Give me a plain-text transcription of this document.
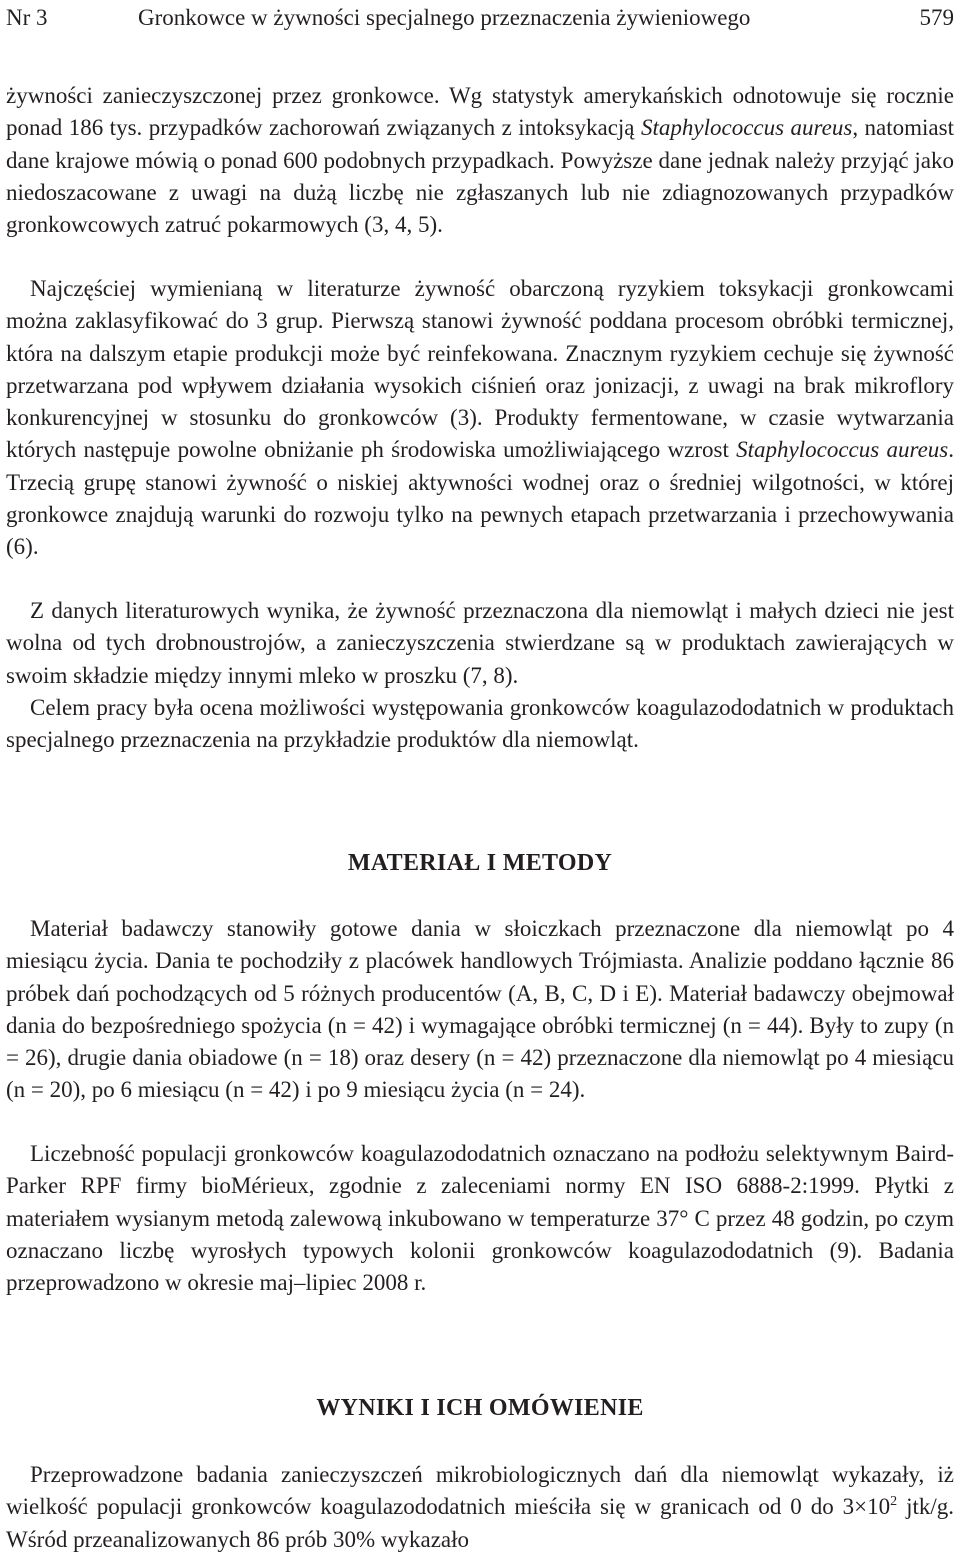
Nr 3	Gronkowce w żywności specjalnego przeznaczenia żywieniowego	579

żywności zanieczyszczonej przez gronkowce. Wg statystyk amerykańskich odnotowuje się rocznie ponad 186 tys. przypadków zachorowań związanych z intoksykacją Staphylococcus aureus, natomiast dane krajowe mówią o ponad 600 podobnych przypadkach. Powyższe dane jednak należy przyjąć jako niedoszacowane z uwagi na dużą liczbę nie zgłaszanych lub nie zdiagnozowanych przypadków gronkowcowych zatruć pokarmowych (3, 4, 5).

Najczęściej wymienianą w literaturze żywność obarczoną ryzykiem toksykacji gronkowcami można zaklasyfikować do 3 grup. Pierwszą stanowi żywność poddana procesom obróbki termicznej, która na dalszym etapie produkcji może być reinfekowana. Znacznym ryzykiem cechuje się żywność przetwarzana pod wpływem działania wysokich ciśnień oraz jonizacji, z uwagi na brak mikroflory konkurencyjnej w stosunku do gronkowców (3). Produkty fermentowane, w czasie wytwarzania których następuje powolne obniżanie ph środowiska umożliwiającego wzrost Staphylococcus aureus. Trzecią grupę stanowi żywność o niskiej aktywności wodnej oraz o średniej wilgotności, w której gronkowce znajdują warunki do rozwoju tylko na pewnych etapach przetwarzania i przechowywania (6).

Z danych literaturowych wynika, że żywność przeznaczona dla niemowląt i małych dzieci nie jest wolna od tych drobnoustrojów, a zanieczyszczenia stwierdzane są w produktach zawierających w swoim składzie między innymi mleko w proszku (7, 8).

Celem pracy była ocena możliwości występowania gronkowców koagulazododatnich w produktach specjalnego przeznaczenia na przykładzie produktów dla niemowląt.

MATERIAŁ I METODY

Materiał badawczy stanowiły gotowe dania w słoiczkach przeznaczone dla niemowląt po 4 miesiącu życia. Dania te pochodziły z placówek handlowych Trójmiasta. Analizie poddano łącznie 86 próbek dań pochodzących od 5 różnych producentów (A, B, C, D i E). Materiał badawczy obejmował dania do bezpośredniego spożycia (n = 42) i wymagające obróbki termicznej (n = 44). Były to zupy (n = 26), drugie dania obiadowe (n = 18) oraz desery (n = 42) przeznaczone dla niemowląt po 4 miesiącu (n = 20), po 6 miesiącu (n = 42) i po 9 miesiącu życia (n = 24).

Liczebność populacji gronkowców koagulazododatnich oznaczano na podłożu selektywnym Baird-Parker RPF firmy bioMérieux, zgodnie z zaleceniami normy EN ISO 6888-2:1999. Płytki z materiałem wysianym metodą zalewową inkubowano w temperaturze 37° C przez 48 godzin, po czym oznaczano liczbę wyrosłych typowych kolonii gronkowców koagulazododatnich (9). Badania przeprowadzono w okresie maj–lipiec 2008 r.

WYNIKI I ICH OMÓWIENIE

Przeprowadzone badania zanieczyszczeń mikrobiologicznych dań dla niemowląt wykazały, iż wielkość populacji gronkowców koagulazododatnich mieściła się w granicach od 0 do $3\times 10^2$ jtk/g. Wśród przeanalizowanych 86 prób 30% wykazało
